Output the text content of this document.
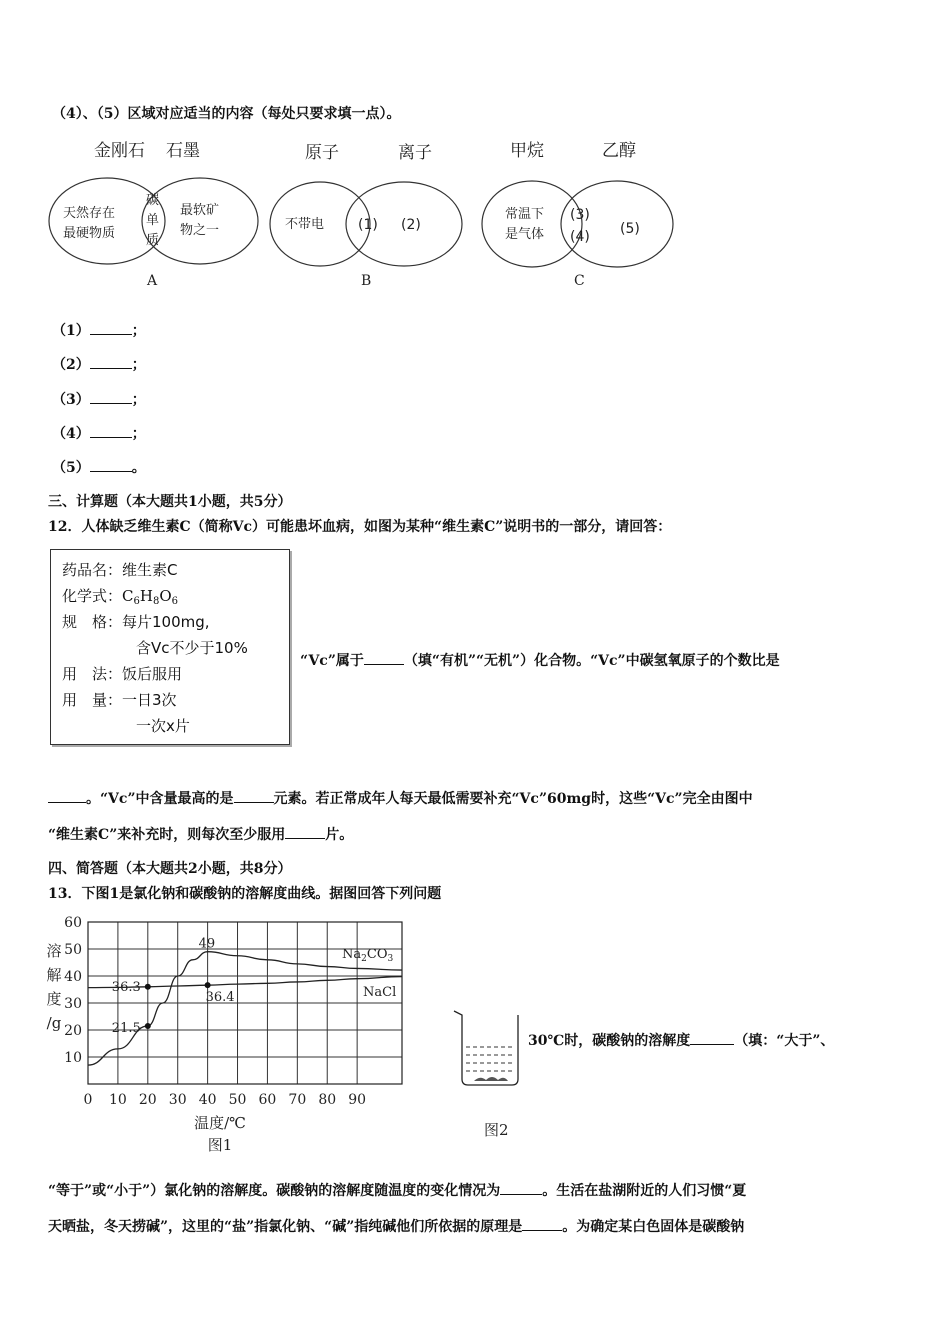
（4）、（5）区域对应适当的内容（每处只要求填一点）。
金刚石 石墨
天然存在
最硬物质
碳
单
质
最软矿
物之一
A
原子	离子
不带电 (1) (2)
B
甲烷	乙醇
常温下
是气体
(3)
(4) (5)
C
（1）	；
（2）	；
（3）	；
（4）	；
（5）	。
三、计算题（本大题共1小题，共5分）
12．人体缺乏维生素C（简称Vc）可能患坏血病，如图为某种“维生素C”说明书的一部分，请回答：
药品名：维生素C
化学式：$C_6H_8O_6$
规　格：每片100mg,
含Vc不少于10%
用　法：饭后服用
用　量：一日3次
一次x片
“Vc”属于	（填“有机”“无机”）化合物。“Vc”中碳氢氧原子的个数比是
。“Vc”中含量最高的是	元素。若正常成年人每天最低需要补充“Vc”60mg时，这些“Vc”完全由图中
“维生素C”来补充时，则每次至少服用	片。
四、简答题（本大题共2小题，共8分）
13．下图1是氯化钠和碳酸钠的溶解度曲线。据图回答下列问题
0 10 20 30 40 50 60 70 80 90
10
20
30
40
50
60
溶
解
度
/g
温度/℃
图1
$Na_2CO_3$
NaCl
49
36.3
21.5
36.4
图2
30℃时，碳酸钠的溶解度	（填：“大于”、
“等于”或“小于”）氯化钠的溶解度。碳酸钠的溶解度随温度的变化情况为	。生活在盐湖附近的人们习惯“夏
天晒盐，冬天捞碱”，这里的“盐”指氯化钠、“碱”指纯碱他们所依据的原理是	。为确定某白色固体是碳酸钠
